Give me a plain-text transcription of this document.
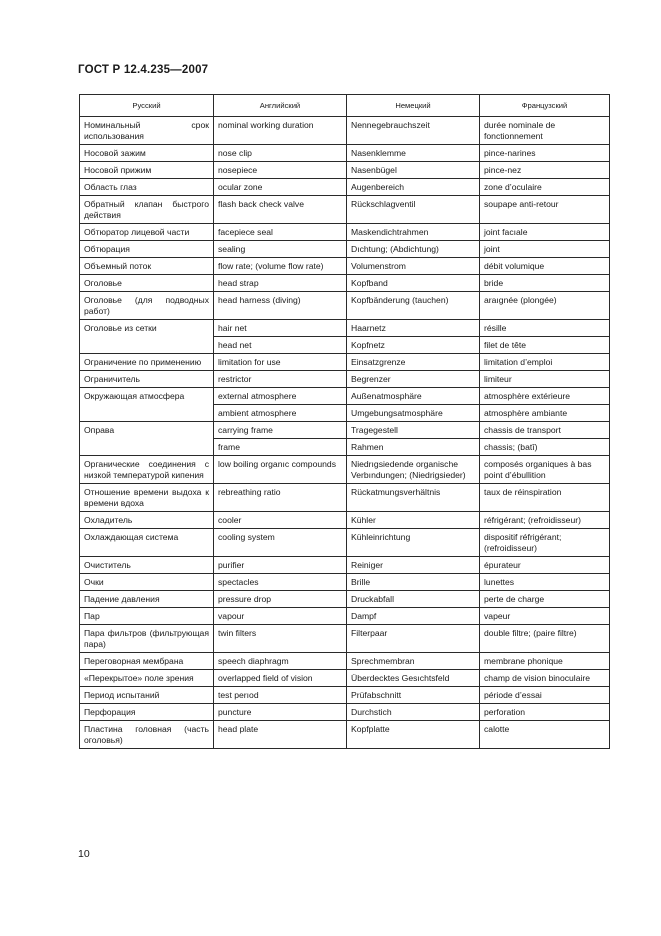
ГОСТ Р 12.4.235—2007
Русский	Английский	Немецкий	Французский
Номинальный срок использования	nominal working duration	Nennegebrauchszeit	durée nominale de fonctionnement
Носовой зажим	nose clip	Nasenklemme	pince-narines
Носовой прижим	nosepiece	Nasenbügel	pince-nez
Область глаз	ocular zone	Augenbereich	zone d’oculaire
Обратный клапан быстрого действия	flash back check valve	Rückschlagventil	soupape anti-retour
Обтюратор лицевой части	facepiece seal	Maskendichtrahmen	joint facıale
Обтюрация	sealing	Dıchtung; (Abdichtung)	joint
Объемный поток	flow rate; (volume flow rate)	Volumenstrom	débit volumique
Оголовье	head strap	Kopfband	bride
Оголовье (для подводных работ)	head harness (diving)	Kopfbänderung (tauchen)	araıgnée (plongée)
Оголовье из сетки	hair net	Haarnetz	résille
	head net	Kopfnetz	filet de tête
Ограничение по применению	limitation for use	Einsatzgrenze	limitation d’emploi
Ограничитель	restrictor	Begrenzer	limiteur
Окружающая атмосфера	external atmosphere	Außenatmosphäre	atmosphère extérieure
	ambient atmosphere	Umgebungsatmosphäre	atmosphère ambiante
Оправа	carrying frame	Tragegestell	chassis de transport
	frame	Rahmen	chassis; (batî)
Органические соединения с низкой температурой кипения	low boiling organıc compounds	Niedrıgsiedende organische Verbındungen; (Niedrigsieder)	composés organiques à bas point d’ébullition
Отношение времени выдоха к времени вдоха	rebreathing ratio	Rückatmungsverhältnis	taux de réinspiration
Охладитель	cooler	Kühler	réfrigérant; (refroidisseur)
Охлаждающая система	cooling system	Kühleinrichtung	dispositif réfrigérant; (refroidisseur)
Очиститель	purifier	Reiniger	épurateur
Очки	spectacles	Brille	lunettes
Падение давления	pressure drop	Druckabfall	perte de charge
Пар	vapour	Dampf	vapeur
Пара фильтров (фильтрующая пара)	twin filters	Filterpaar	double filtre; (paire filtre)
Переговорная мембрана	speech diaphragm	Sprechmembran	membrane phonique
«Перекрытое» поле зрения	overlapped field of vision	Überdecktes Gesıchtsfeld	champ de vision binoculaire
Период испытаний	test perıod	Prüfabschnitt	période d’essai
Перфорация	puncture	Durchstich	perforation
Пластина головная (часть оголовья)	head plate	Kopfplatte	calotte
10
